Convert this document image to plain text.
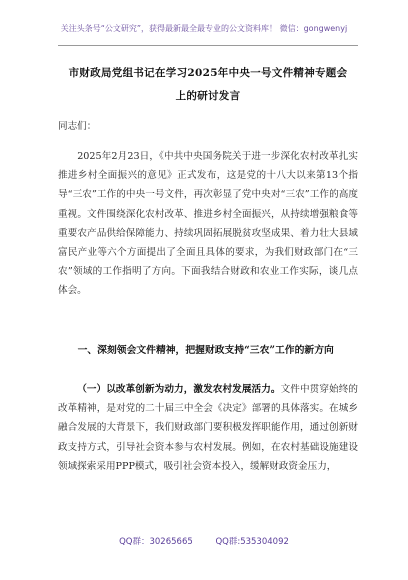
关注头条号“公文研究”，获得最新最全最专业的公文资料库！ 微信：gongwenyj
市财政局党组书记在学习2025年中央一号文件精神专题会
上的研讨发言
同志们：
2025年2月23日，《中共中央国务院关于进一步深化农村改革扎实推进乡村全面振兴的意见》正式发布，这是党的十八大以来第13个指导“三农”工作的中央一号文件，再次彰显了党中央对“三农”工作的高度重视。文件围绕深化农村改革、推进乡村全面振兴，从持续增强粮食等重要农产品供给保障能力、持续巩固拓展脱贫攻坚成果、着力壮大县域富民产业等六个方面提出了全面且具体的要求，为我们财政部门在“三农”领域的工作指明了方向。下面我结合财政和农业工作实际，谈几点体会。
一、深刻领会文件精神，把握财政支持“三农”工作的新方向
（一）以改革创新为动力，激发农村发展活力。文件中贯穿始终的改革精神，是对党的二十届三中全会《决定》部署的具体落实。在城乡融合发展的大背景下，我们财政部门要积极发挥职能作用，通过创新财政支持方式，引导社会资本参与农村发展。例如，在农村基础设施建设领域探索采用PPP模式，吸引社会资本投入，缓解财政资金压力，
QQ群：30265665	QQ群:535304092
